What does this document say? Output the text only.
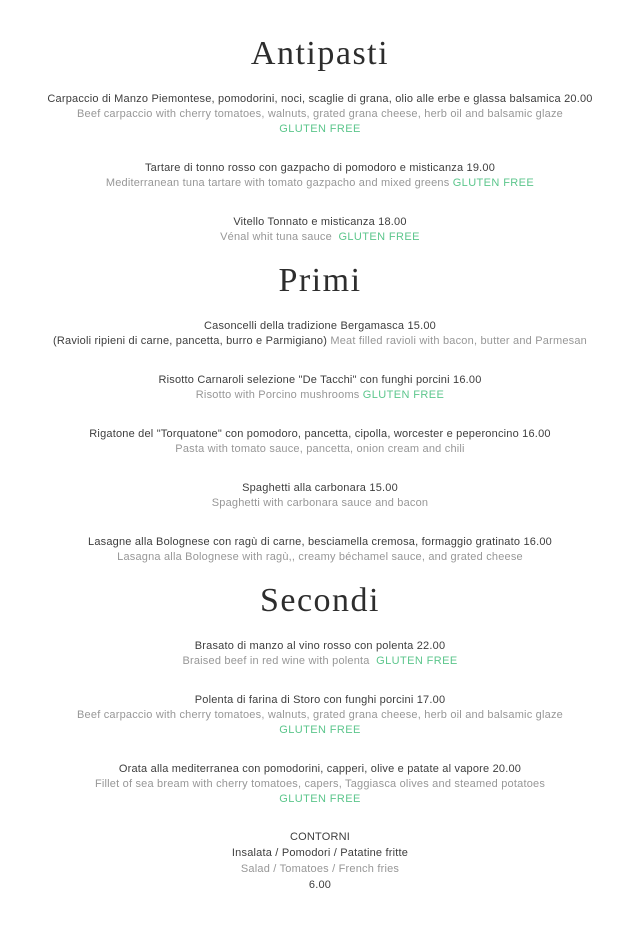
Antipasti

Carpaccio di Manzo Piemontese, pomodorini, noci, scaglie di grana, olio alle erbe e glassa balsamica 20.00

Beef carpaccio with cherry tomatoes, walnuts, grated grana cheese, herb oil and balsamic glaze

GLUTEN FREE

Tartare di tonno rosso con gazpacho di pomodoro e misticanza 19.00

Mediterranean tuna tartare with tomato gazpacho and mixed greens GLUTEN FREE

Vitello Tonnato e misticanza 18.00

Vénal whit tuna sauce GLUTEN FREE

Primi

Casoncelli della tradizione Bergamasca 15.00

(Ravioli ripieni di carne, pancetta, burro e Parmigiano) Meat filled ravioli with bacon, butter and Parmesan

Risotto Carnaroli selezione "De Tacchi" con funghi porcini 16.00

Risotto with Porcino mushrooms GLUTEN FREE

Rigatone del "Torquatone" con pomodoro, pancetta, cipolla, worcester e peperoncino 16.00

Pasta with tomato sauce, pancetta, onion cream and chili

Spaghetti alla carbonara 15.00

Spaghetti with carbonara sauce and bacon

Lasagne alla Bolognese con ragù di carne, besciamella cremosa, formaggio gratinato 16.00

Lasagna alla Bolognese with ragù,, creamy béchamel sauce, and grated cheese

Secondi

Brasato di manzo al vino rosso con polenta 22.00

Braised beef in red wine with polenta GLUTEN FREE

Polenta di farina di Storo con funghi porcini 17.00

Beef carpaccio with cherry tomatoes, walnuts, grated grana cheese, herb oil and balsamic glaze

GLUTEN FREE

Orata alla mediterranea con pomodorini, capperi, olive e patate al vapore 20.00

Fillet of sea bream with cherry tomatoes, capers, Taggiasca olives and steamed potatoes

GLUTEN FREE

CONTORNI

Insalata / Pomodori / Patatine fritte

Salad / Tomatoes / French fries

6.00
